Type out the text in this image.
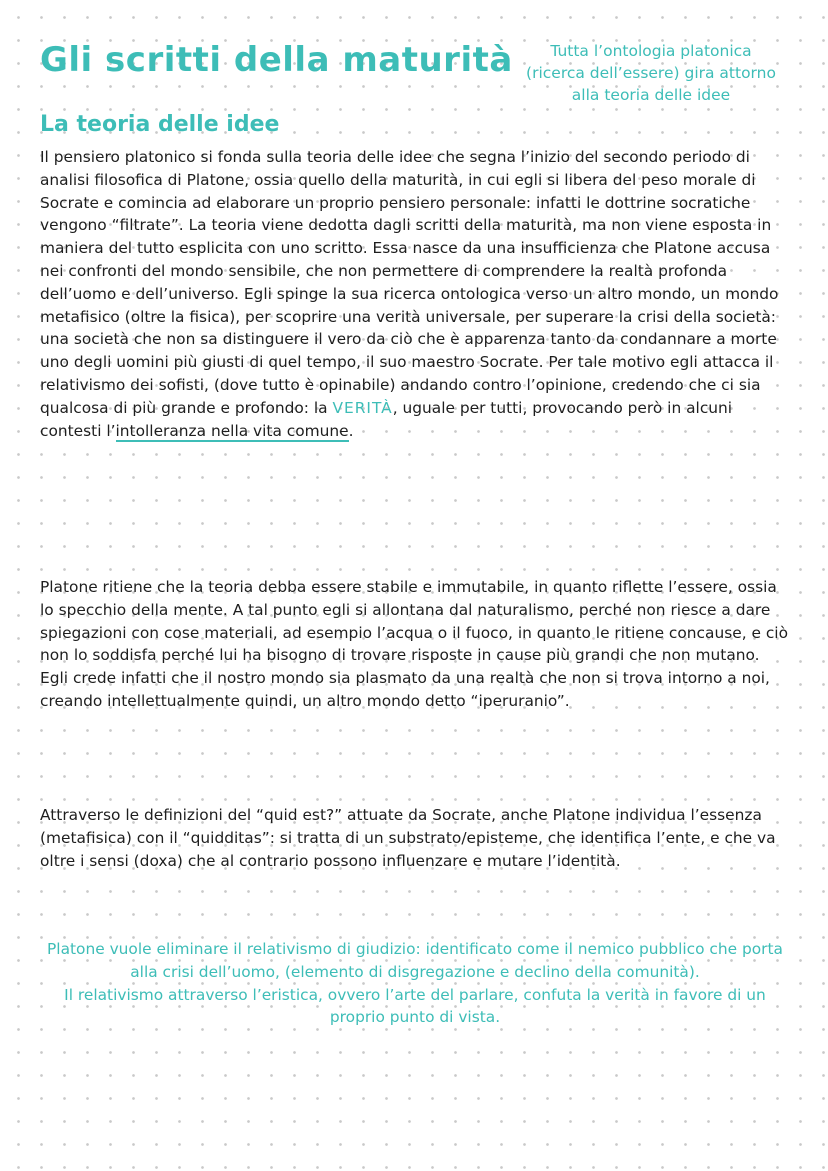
Gli scritti della maturità	Tutta l’ontologia platonica (ricerca dell’essere) gira attorno alla teoria delle idee
La teoria delle idee

Il pensiero platonico si fonda sulla teoria delle idee che segna l’inizio del secondo periodo di analisi filosofica di Platone, ossia quello della maturità, in cui egli si libera del peso morale di Socrate e comincia ad elaborare un proprio pensiero personale: infatti le dottrine socratiche vengono “filtrate”. La teoria viene dedotta dagli scritti della maturità, ma non viene esposta in maniera del tutto esplicita con uno scritto. Essa nasce da una insufficienza che Platone accusa nei confronti del mondo sensibile, che non permettere di comprendere la realtà profonda dell’uomo e dell’universo. Egli spinge la sua ricerca ontologica verso un altro mondo, un mondo metafisico (oltre la fisica), per scoprire una verità universale, per superare la crisi della società: una società che non sa distinguere il vero da ciò che è apparenza tanto da condannare a morte uno degli uomini più giusti di quel tempo, il suo maestro Socrate. Per tale motivo egli attacca il relativismo dei sofisti, (dove tutto è opinabile) andando contro l’opinione, credendo che ci sia qualcosa di più grande e profondo: la VERITÀ, uguale per tutti, provocando però in alcuni contesti l’intolleranza nella vita comune.

Platone ritiene che la teoria debba essere stabile e immutabile, in quanto riflette l’essere, ossia lo specchio della mente. A tal punto egli si allontana dal naturalismo, perché non riesce a dare spiegazioni con cose materiali, ad esempio l’acqua o il fuoco, in quanto le ritiene concause, e ciò non lo soddisfa perché lui ha bisogno di trovare risposte in cause più grandi che non mutano. Egli crede infatti che il nostro mondo sia plasmato da una realtà che non si trova intorno a noi, creando intellettualmente quindi, un altro mondo detto “iperuranio”.

Attraverso le definizioni del “quid est?” attuate da Socrate, anche Platone individua l’essenza (metafisica) con il “quidditas”: si tratta di un substrato/episteme, che identifica l’ente, e che va oltre i sensi (doxa) che al contrario possono influenzare e mutare l’identità.

Platone vuole eliminare il relativismo di giudizio: identificato come il nemico pubblico che porta alla crisi dell’uomo, (elemento di disgregazione e declino della comunità).
Il relativismo attraverso l’eristica, ovvero l’arte del parlare, confuta la verità in favore di un proprio punto di vista.
